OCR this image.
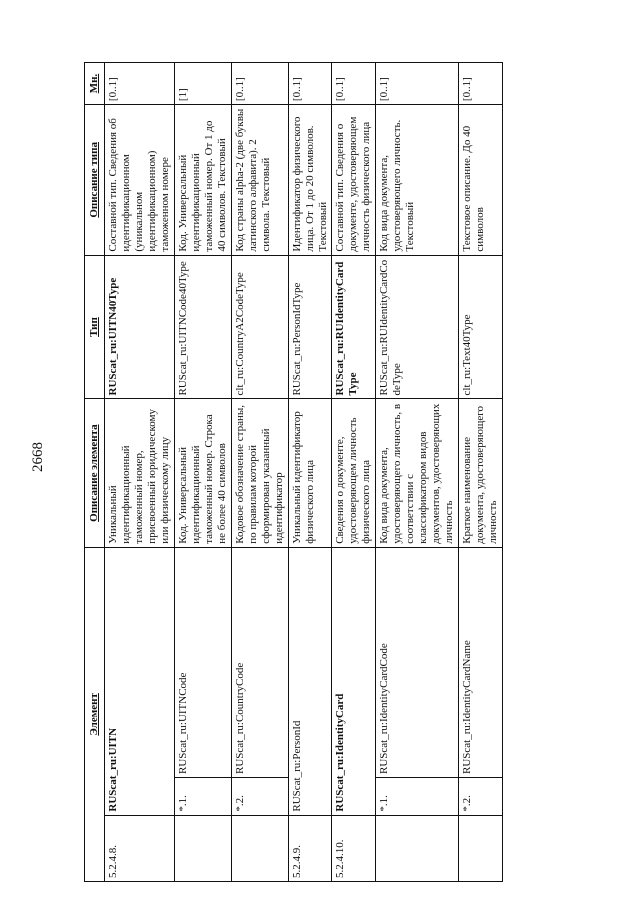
2668
Элемент			Описание элемента	Тип	Описание типа	Мн.
5.2.4.8.	RUScat_ru:UITN		Уникальный идентификационный таможенный номер, присвоенный юридическому или физическому лицу	RUScat_ru:UITN40Type	Составной тип. Сведения об идентификационном (уникальном идентификационном) таможенном номере	[0..1]
	*.1.	RUScat_ru:UITNCode	Код. Универсальный идентификационный таможенный номер. Строка не более 40 символов	RUScat_ru:UITNCode40Type	Код. Универсальный идентификационный таможенный номер. От 1 до 40 символов. Текстовый	[1]
	*.2.	RUScat_ru:CountryCode	Кодовое обозначение страны, по правилам которой сформирован указанный идентификатор	clt_ru:CountryA2CodeType	Код страны alpha-2 (две буквы латинского алфавита). 2 символа. Текстовый	[0..1]
5.2.4.9.	RUScat_ru:PersonId		Уникальный идентификатор физического лица	RUScat_ru:PersonIdType	Идентификатор физического лица. От 1 до 20 символов. Текстовый	[0..1]
5.2.4.10.	RUScat_ru:IdentityCard		Сведения о документе, удостоверяющем личность физического лица	RUScat_ru:RUIdentityCardType	Составной тип. Сведения о документе, удостоверяющем личность физического лица	[0..1]
	*.1.	RUScat_ru:IdentityCardCode	Код вида документа, удостоверяющего личность, в соответствии с классификатором видов документов, удостоверяющих личность	RUScat_ru:RUIdentityCardCodeType	Код вида документа, удостоверяющего личность. Текстовый	[0..1]
	*.2.	RUScat_ru:IdentityCardName	Краткое наименование документа, удостоверяющего личность	clt_ru:Text40Type	Текстовое описание. До 40 символов	[0..1]
